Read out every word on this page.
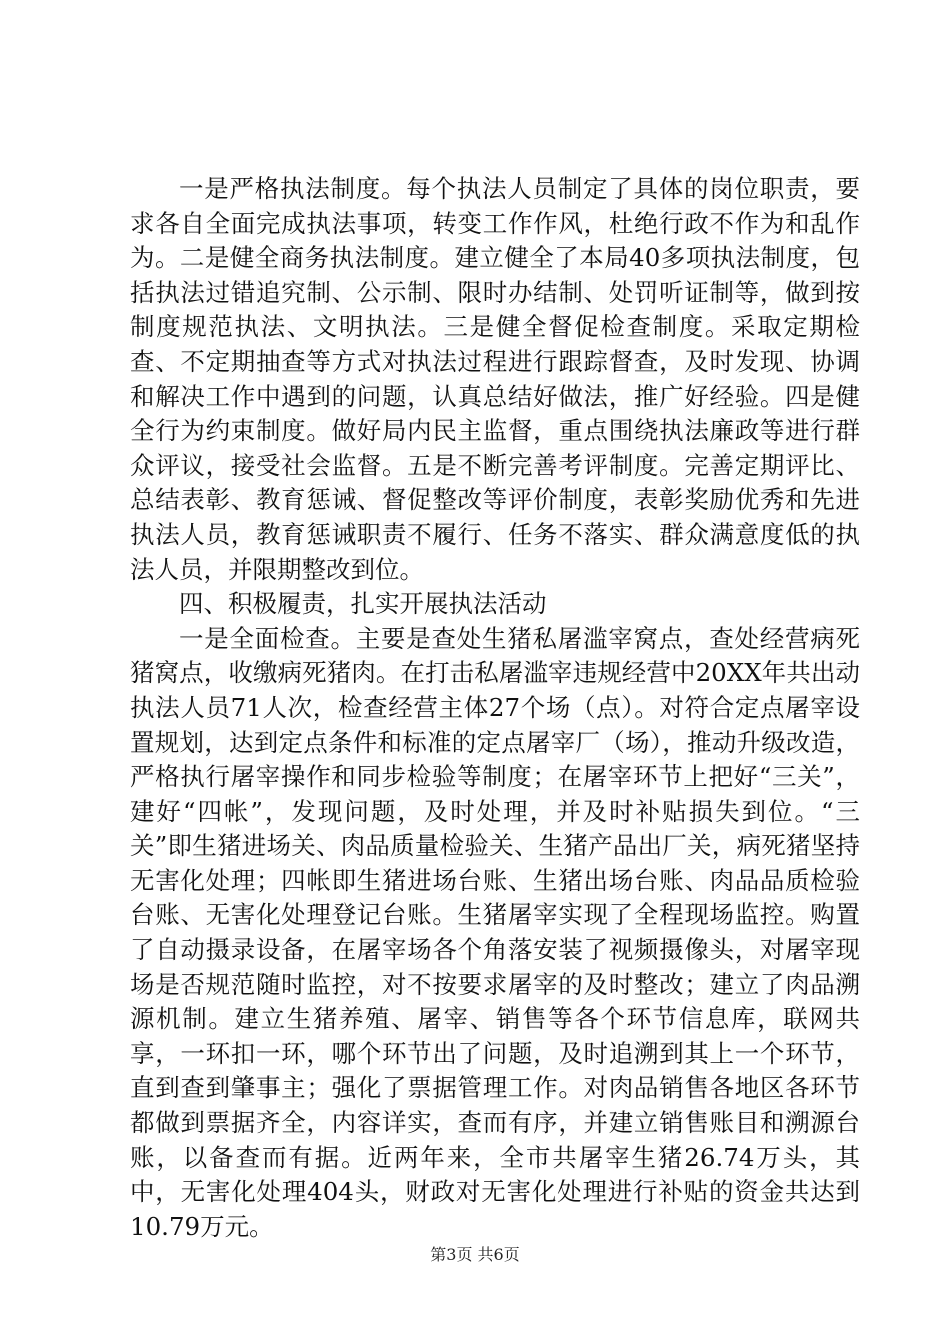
一是严格执法制度。每个执法人员制定了具体的岗位职责，要求各自全面完成执法事项，转变工作作风，杜绝行政不作为和乱作为。二是健全商务执法制度。建立健全了本局40多项执法制度，包括执法过错追究制、公示制、限时办结制、处罚听证制等，做到按制度规范执法、文明执法。三是健全督促检查制度。采取定期检查、不定期抽查等方式对执法过程进行跟踪督查，及时发现、协调和解决工作中遇到的问题，认真总结好做法，推广好经验。四是健全行为约束制度。做好局内民主监督，重点围绕执法廉政等进行群众评议，接受社会监督。五是不断完善考评制度。完善定期评比、总结表彰、教育惩诫、督促整改等评价制度，表彰奖励优秀和先进执法人员，教育惩诫职责不履行、任务不落实、群众满意度低的执法人员，并限期整改到位。

四、积极履责，扎实开展执法活动

一是全面检查。主要是查处生猪私屠滥宰窝点，查处经营病死猪窝点，收缴病死猪肉。在打击私屠滥宰违规经营中20XX年共出动执法人员71人次，检查经营主体27个场（点）。对符合定点屠宰设置规划，达到定点条件和标准的定点屠宰厂（场），推动升级改造，严格执行屠宰操作和同步检验等制度；在屠宰环节上把好“三关”，建好“四帐”，发现问题，及时处理，并及时补贴损失到位。“三关”即生猪进场关、肉品质量检验关、生猪产品出厂关，病死猪坚持无害化处理；四帐即生猪进场台账、生猪出场台账、肉品品质检验台账、无害化处理登记台账。生猪屠宰实现了全程现场监控。购置了自动摄录设备，在屠宰场各个角落安装了视频摄像头，对屠宰现场是否规范随时监控，对不按要求屠宰的及时整改；建立了肉品溯源机制。建立生猪养殖、屠宰、销售等各个环节信息库，联网共享，一环扣一环，哪个环节出了问题，及时追溯到其上一个环节，直到查到肇事主；强化了票据管理工作。对肉品销售各地区各环节都做到票据齐全，内容详实，查而有序，并建立销售账目和溯源台账，以备查而有据。近两年来，全市共屠宰生猪26.74万头，其中，无害化处理404头，财政对无害化处理进行补贴的资金共达到10.79万元。

第3页 共6页
